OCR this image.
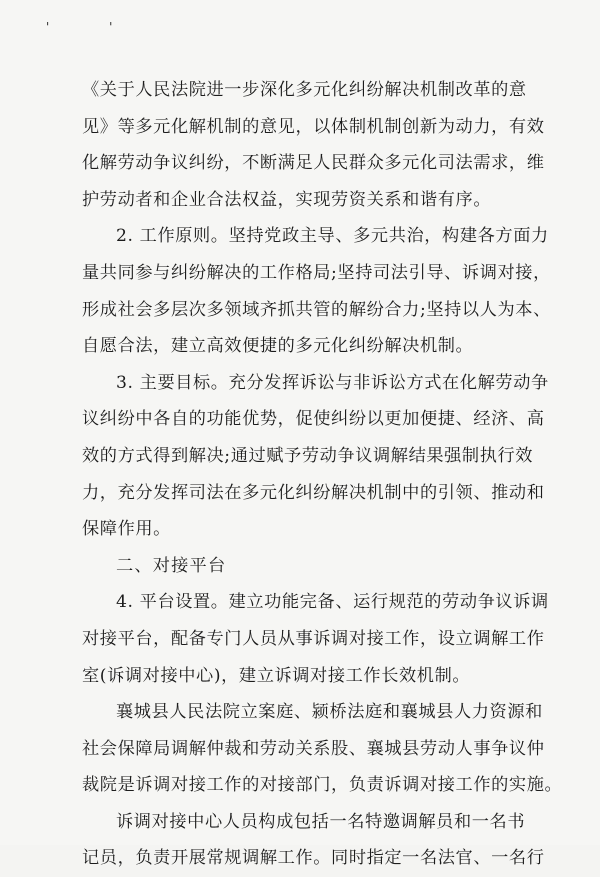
' '
《关于人民法院进一步深化多元化纠纷解决机制改革的意
见》等多元化解机制的意见，以体制机制创新为动力，有效
化解劳动争议纠纷，不断满足人民群众多元化司法需求，维
护劳动者和企业合法权益，实现劳资关系和谐有序。
2. 工作原则。坚持党政主导、多元共治，构建各方面力
量共同参与纠纷解决的工作格局;坚持司法引导、诉调对接，
形成社会多层次多领域齐抓共管的解纷合力;坚持以人为本、
自愿合法，建立高效便捷的多元化纠纷解决机制。
3. 主要目标。充分发挥诉讼与非诉讼方式在化解劳动争
议纠纷中各自的功能优势，促使纠纷以更加便捷、经济、高
效的方式得到解决;通过赋予劳动争议调解结果强制执行效
力，充分发挥司法在多元化纠纷解决机制中的引领、推动和
保障作用。
二、对接平台
4. 平台设置。建立功能完备、运行规范的劳动争议诉调
对接平台，配备专门人员从事诉调对接工作，设立调解工作
室(诉调对接中心)，建立诉调对接工作长效机制。
襄城县人民法院立案庭、颍桥法庭和襄城县人力资源和
社会保障局调解仲裁和劳动关系股、襄城县劳动人事争议仲
裁院是诉调对接工作的对接部门，负责诉调对接工作的实施。
诉调对接中心人员构成包括一名特邀调解员和一名书
记员，负责开展常规调解工作。同时指定一名法官、一名行
